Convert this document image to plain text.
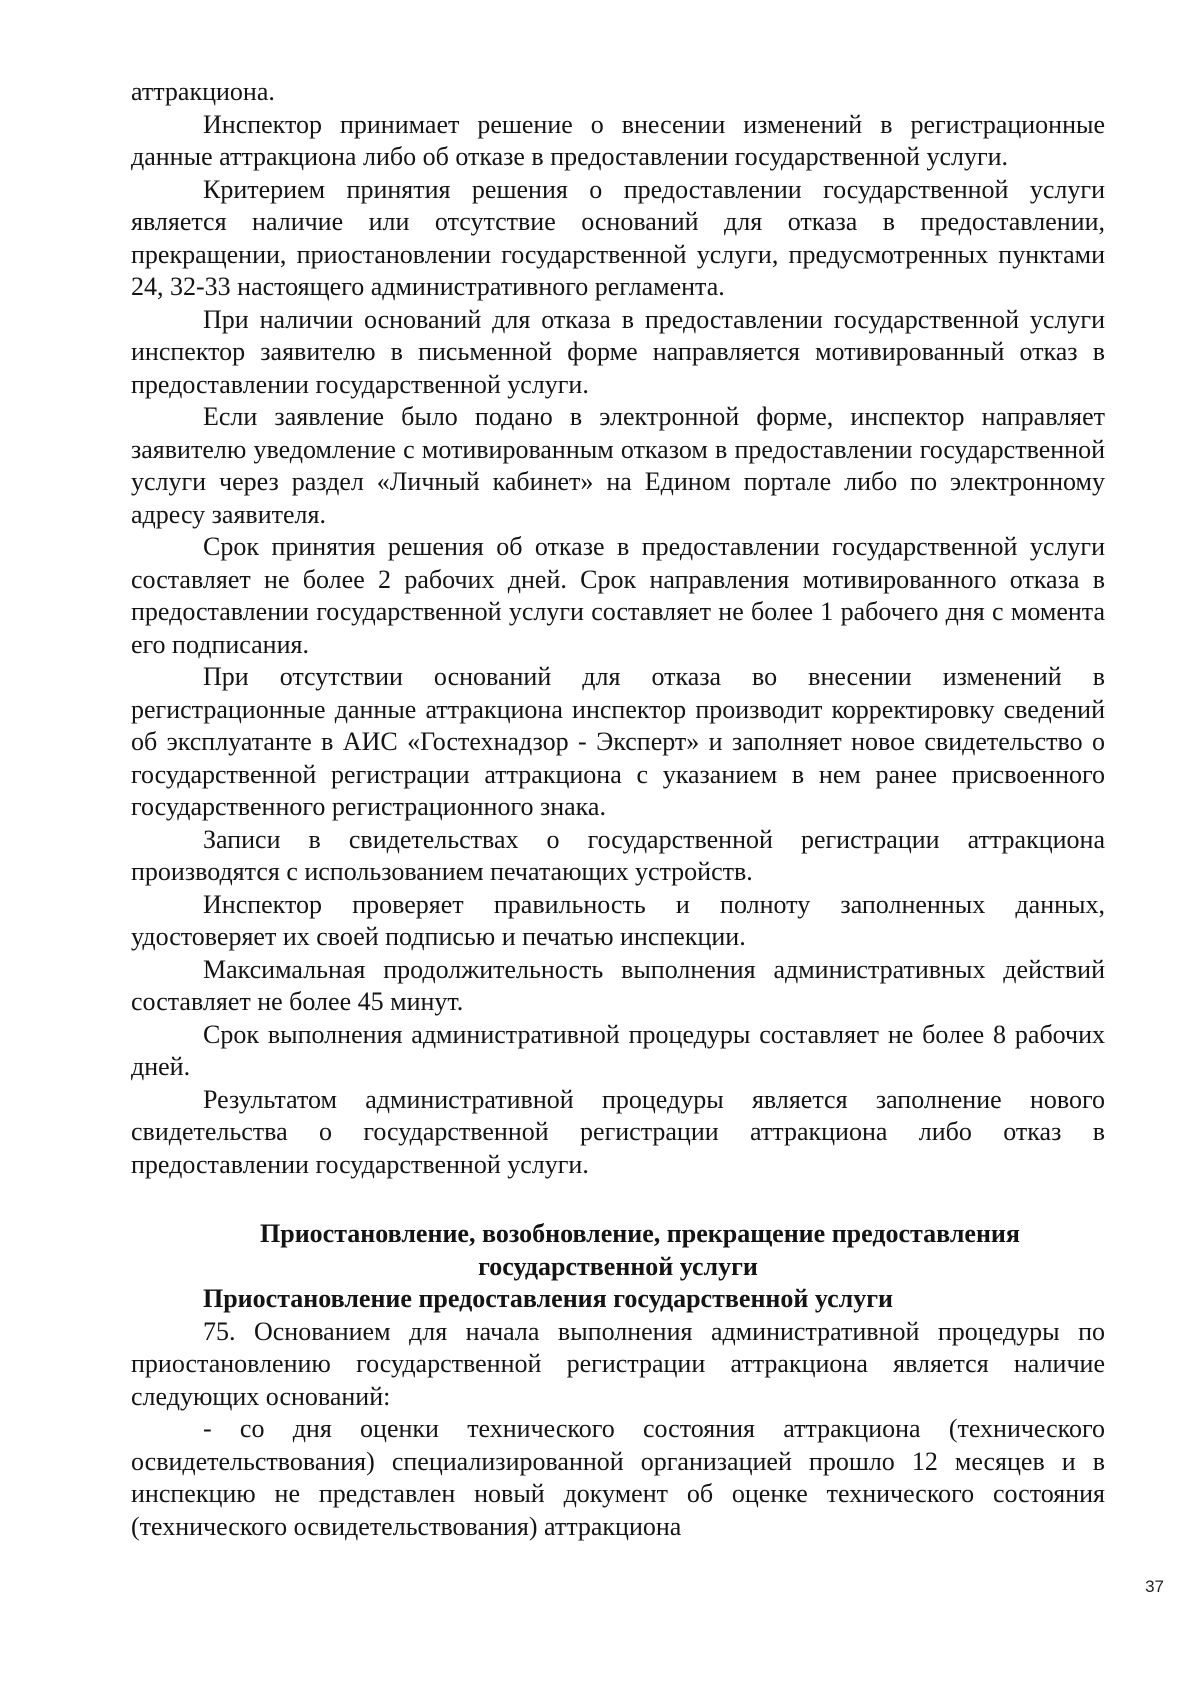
аттракциона.

Инспектор принимает решение о внесении изменений в регистрационные данные аттракциона либо об отказе в предоставлении государственной услуги.

Критерием принятия решения о предоставлении государственной услуги является наличие или отсутствие оснований для отказа в предоставлении, прекращении, приостановлении государственной услуги, предусмотренных пунктами 24, 32-33 настоящего административного регламента.

При наличии оснований для отказа в предоставлении государственной услуги инспектор заявителю в письменной форме направляется мотивированный отказ в предоставлении государственной услуги.

Если заявление было подано в электронной форме, инспектор направляет заявителю уведомление с мотивированным отказом в предоставлении государственной услуги через раздел «Личный кабинет» на Едином портале либо по электронному адресу заявителя.

Срок принятия решения об отказе в предоставлении государственной услуги составляет не более 2 рабочих дней. Срок направления мотивированного отказа в предоставлении государственной услуги составляет не более 1 рабочего дня с момента его подписания.

При отсутствии оснований для отказа во внесении изменений в регистрационные данные аттракциона инспектор производит корректировку сведений об эксплуатанте в АИС «Гостехнадзор - Эксперт» и заполняет новое свидетельство о государственной регистрации аттракциона с указанием в нем ранее присвоенного государственного регистрационного знака.

Записи в свидетельствах о государственной регистрации аттракциона производятся с использованием печатающих устройств.

Инспектор проверяет правильность и полноту заполненных данных, удостоверяет их своей подписью и печатью инспекции.

Максимальная продолжительность выполнения административных действий составляет не более 45 минут.

Срок выполнения административной процедуры составляет не более 8 рабочих дней.

Результатом административной процедуры является заполнение нового свидетельства о государственной регистрации аттракциона либо отказ в предоставлении государственной услуги.

Приостановление, возобновление, прекращение предоставления

государственной услуги

Приостановление предоставления государственной услуги

75. Основанием для начала выполнения административной процедуры по приостановлению государственной регистрации аттракциона является наличие следующих оснований:

- со дня оценки технического состояния аттракциона (технического освидетельствования) специализированной организацией прошло 12 месяцев и в инспекцию не представлен новый документ об оценке технического состояния (технического освидетельствования) аттракциона

37
